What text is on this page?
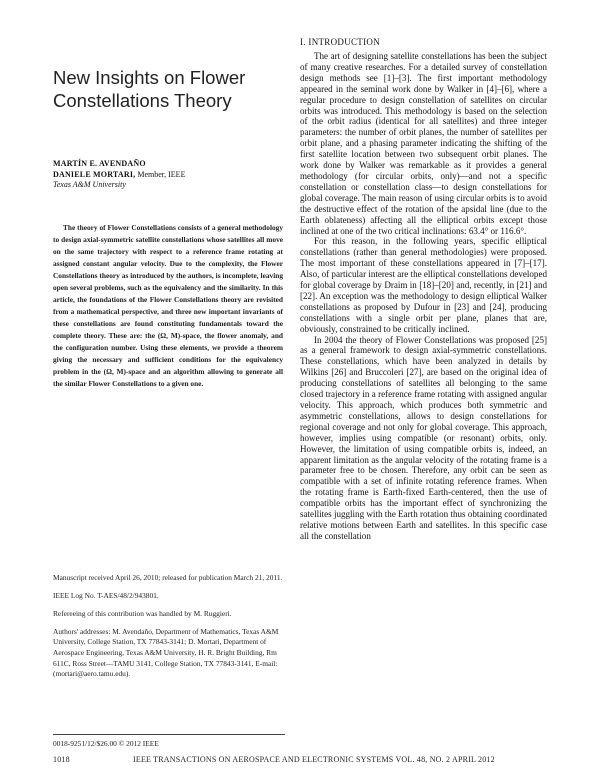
New Insights on Flower
Constellations Theory
MARTÍN E. AVENDAÑO
DANIELE MORTARI, Member, IEEE
Texas A&M University

The theory of Flower Constellations consists of a general methodology to design axial-symmetric satellite constellations whose satellites all move on the same trajectory with respect to a reference frame rotating at assigned constant angular velocity. Due to the complexity, the Flower Constellations theory as introduced by the authors, is incomplete, leaving open several problems, such as the equivalency and the similarity. In this article, the foundations of the Flower Constellations theory are revisited from a mathematical perspective, and three new important invariants of these constellations are found constituting fundamentals toward the complete theory. These are: the (Ω, M)-space, the flower anomaly, and the configuration number. Using these elements, we provide a theorem giving the necessary and sufficient conditions for the equivalency problem in the (Ω, M)-space and an algorithm allowing to generate all the similar Flower Constellations to a given one.

Manuscript received April 26, 2010; released for publication March 21, 2011.

IEEE Log No. T-AES/48/2/943801.

Refereeing of this contribution was handled by M. Ruggieri.

Authors' addresses: M. Avendaño, Department of Mathematics, Texas A&M University, College Station, TX 77843-3141; D. Mortari, Department of Aerospace Engineering, Texas A&M University, H. R. Bright Building, Rm 611C, Ross Street—TAMU 3141, College Station, TX 77843-3141, E-mail: (mortari@aero.tamu.edu).

0018-9251/12/$26.00 © 2012 IEEE
I. INTRODUCTION

The art of designing satellite constellations has been the subject of many creative researches. For a detailed survey of constellation design methods see [1]–[3]. The first important methodology appeared in the seminal work done by Walker in [4]–[6], where a regular procedure to design constellation of satellites on circular orbits was introduced. This methodology is based on the selection of the orbit radius (identical for all satellites) and three integer parameters: the number of orbit planes, the number of satellites per orbit plane, and a phasing parameter indicating the shifting of the first satellite location between two subsequent orbit planes. The work done by Walker was remarkable as it provides a general methodology (for circular orbits, only)—and not a specific constellation or constellation class—to design constellations for global coverage. The main reason of using circular orbits is to avoid the destructive effect of the rotation of the apsidal line (due to the Earth oblateness) affecting all the elliptical orbits except those inclined at one of the two critical inclinations: 63.4° or 116.6°.

For this reason, in the following years, specific elliptical constellations (rather than general methodologies) were proposed. The most important of these constellations appeared in [7]–[17]. Also, of particular interest are the elliptical constellations developed for global coverage by Draim in [18]–[20] and, recently, in [21] and [22]. An exception was the methodology to design elliptical Walker constellations as proposed by Dufour in [23] and [24], producing constellations with a single orbit per plane, planes that are, obviously, constrained to be critically inclined.

In 2004 the theory of Flower Constellations was proposed [25] as a general framework to design axial-symmetric constellations. These constellations, which have been analyzed in details by Wilkins [26] and Bruccoleri [27], are based on the original idea of producing constellations of satellites all belonging to the same closed trajectory in a reference frame rotating with assigned angular velocity. This approach, which produces both symmetric and asymmetric constellations, allows to design constellations for regional coverage and not only for global coverage. This approach, however, implies using compatible (or resonant) orbits, only. However, the limitation of using compatible orbits is, indeed, an apparent limitation as the angular velocity of the rotating frame is a parameter free to be chosen. Therefore, any orbit can be seen as compatible with a set of infinite rotating reference frames. When the rotating frame is Earth-fixed Earth-centered, then the use of compatible orbits has the important effect of synchronizing the satellites juggling with the Earth rotation thus obtaining coordinated relative motions between Earth and satellites. In this specific case all the constellation

1018	IEEE TRANSACTIONS ON AEROSPACE AND ELECTRONIC SYSTEMS VOL. 48, NO. 2 APRIL 2012
